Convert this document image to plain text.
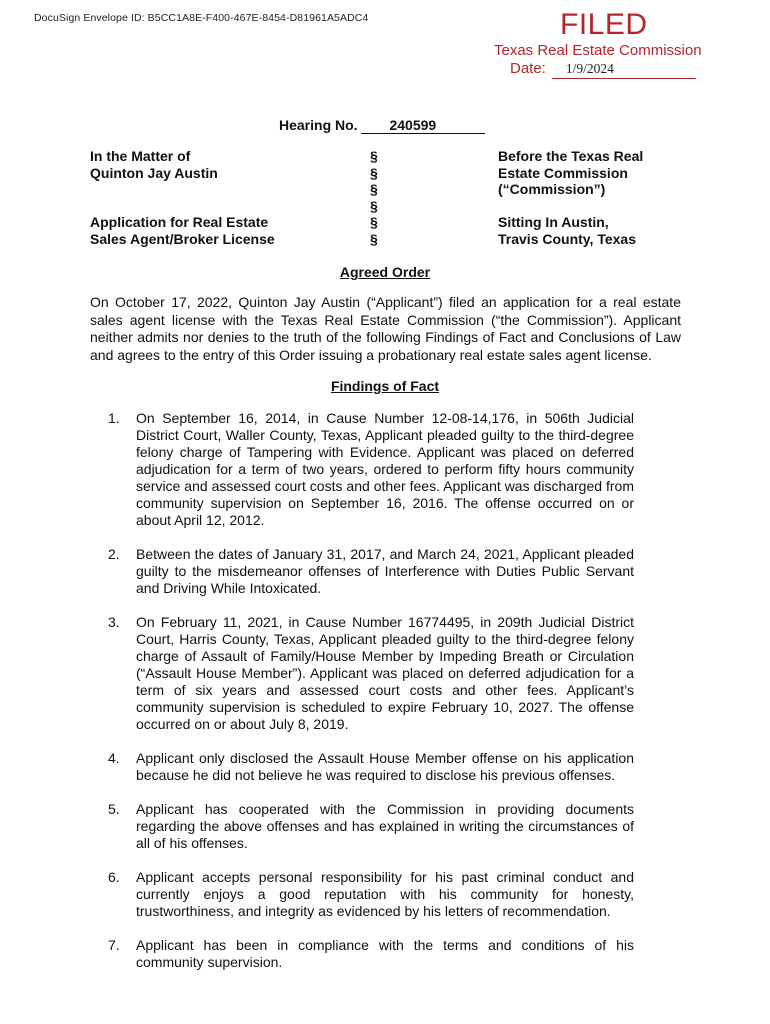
DocuSign Envelope ID: B5CC1A8E-F400-467E-8454-D81961A5ADC4	FILED
Texas Real Estate Commission
Date: 1/9/2024
Hearing No. 240599
In the Matter of
Quinton Jay Austin
Application for Real Estate
Sales Agent/Broker License
§
§
§
§
§
§
Before the Texas Real
Estate Commission
(“Commission”)
Sitting In Austin,
Travis County, Texas
Agreed Order
On October 17, 2022, Quinton Jay Austin (“Applicant”) filed an application for a real estate sales agent license with the Texas Real Estate Commission (“the Commission”). Applicant neither admits nor denies to the truth of the following Findings of Fact and Conclusions of Law and agrees to the entry of this Order issuing a probationary real estate sales agent license.
Findings of Fact
1. On September 16, 2014, in Cause Number 12-08-14,176, in 506th Judicial District Court, Waller County, Texas, Applicant pleaded guilty to the third-degree felony charge of Tampering with Evidence. Applicant was placed on deferred adjudication for a term of two years, ordered to perform fifty hours community service and assessed court costs and other fees. Applicant was discharged from community supervision on September 16, 2016. The offense occurred on or about April 12, 2012.
2. Between the dates of January 31, 2017, and March 24, 2021, Applicant pleaded guilty to the misdemeanor offenses of Interference with Duties Public Servant and Driving While Intoxicated.
3. On February 11, 2021, in Cause Number 16774495, in 209th Judicial District Court, Harris County, Texas, Applicant pleaded guilty to the third-degree felony charge of Assault of Family/House Member by Impeding Breath or Circulation (“Assault House Member”). Applicant was placed on deferred adjudication for a term of six years and assessed court costs and other fees. Applicant’s community supervision is scheduled to expire February 10, 2027. The offense occurred on or about July 8, 2019.
4. Applicant only disclosed the Assault House Member offense on his application because he did not believe he was required to disclose his previous offenses.
5. Applicant has cooperated with the Commission in providing documents regarding the above offenses and has explained in writing the circumstances of all of his offenses.
6. Applicant accepts personal responsibility for his past criminal conduct and currently enjoys a good reputation with his community for honesty, trustworthiness, and integrity as evidenced by his letters of recommendation.
7. Applicant has been in compliance with the terms and conditions of his community supervision.
